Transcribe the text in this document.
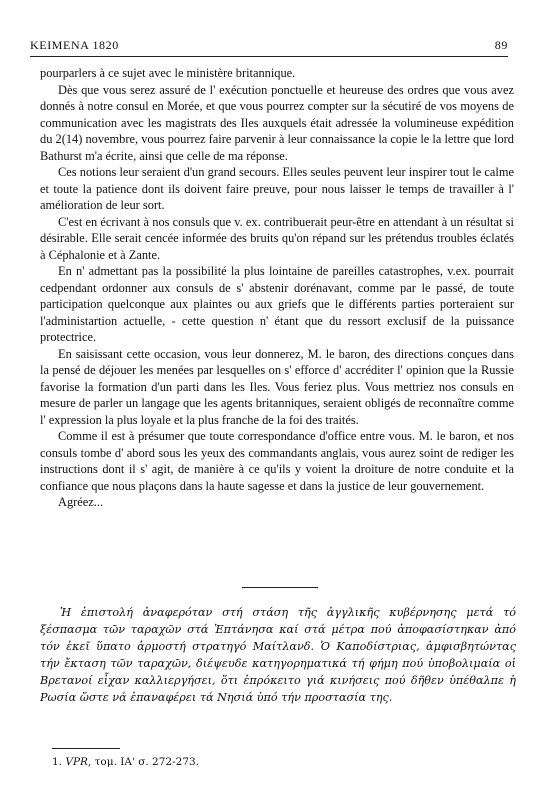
ΚΕΙΜΕΝΑ 1820	89

pourparlers à ce sujet avec le ministère britannique.

Dès que vous serez assuré de l' exécution ponctuelle et heureuse des ordres que vous avez donnés à notre consul en Morée, et que vous pourrez compter sur la sécutiré de vos moyens de communication avec les magistrats des Iles auxquels était adressée la volumineuse expédition du 2(14) novembre, vous pourrez faire parvenir à leur connaissance la copie le la lettre que lord Bathurst m'a écrite, ainsi que celle de ma réponse.

Ces notions leur seraient d'un grand secours. Elles seules peuvent leur inspirer tout le calme et toute la patience dont ils doivent faire preuve, pour nous laisser le temps de travailler à l' amélioration de leur sort.

C'est en écrivant à nos consuls que v. ex. contribuerait peur-être en attendant à un résultat si désirable. Elle serait cencée informée des bruits qu'on répand sur les prétendus troubles éclatés à Céphalonie et à Zante.

En n' admettant pas la possibilité la plus lointaine de pareilles catastrophes, v.ex. pourrait cedpendant ordonner aux consuls de s' abstenir dorénavant, comme par le passé, de toute participation quelconque aux plaintes ou aux griefs que le différents parties porteraient sur l'administartion actuelle, - cette question n' étant que du ressort exclusif de la puissance protectrice.

En saisissant cette occasion, vous leur donnerez, M. le baron, des directions conçues dans la pensé de déjouer les menées par lesquelles on s' efforce d' accréditer l' opinion que la Russie favorise la formation d'un parti dans les Iles. Vous feriez plus. Vous mettriez nos consuls en mesure de parler un langage que les agents britanniques, seraient obligés de reconnaître comme l' expression la plus loyale et la plus franche de la foi des traités.

Comme il est à présumer que toute correspondance d'office entre vous. M. le baron, et nos consuls tombe d' abord sous les yeux des commandants anglais, vous aurez soint de rediger les instructions dont il s' agit, de manière à ce qu'ils y voient la droiture de notre conduite et la confiance que nous plaçons dans la haute sagesse et dans la justice de leur gouvernement.

Agréez...

Ἡ ἐπιστολή ἀναφερόταν στή στάση τῆς ἀγγλικῆς κυβέρνησης μετά τό ξέσπασμα τῶν ταραχῶν στά Ἑπτάνησα καί στά μέτρα πού ἀποφασίστηκαν ἀπό τόν ἐκεῖ ὕπατο ἁρμοστή στρατηγό Μαίτλανδ. Ὁ Καποδίστριας, ἀμφισβητώντας τήν ἔκταση τῶν ταραχῶν, διέψευδε κατηγορηματικά τή φήμη πού ὑποβολιμαία οἱ Βρετανοί εἶχαν καλλιεργήσει, ὅτι ἐπρόκειτο γιά κινήσεις πού δῆθεν ὑπέθαλπε ἡ Ρωσία ὥστε νά ἐπαναφέρει τά Νησιά ὑπό τήν προστασία της.

1. VPR, τομ. ΙΑ' σ. 272-273.
